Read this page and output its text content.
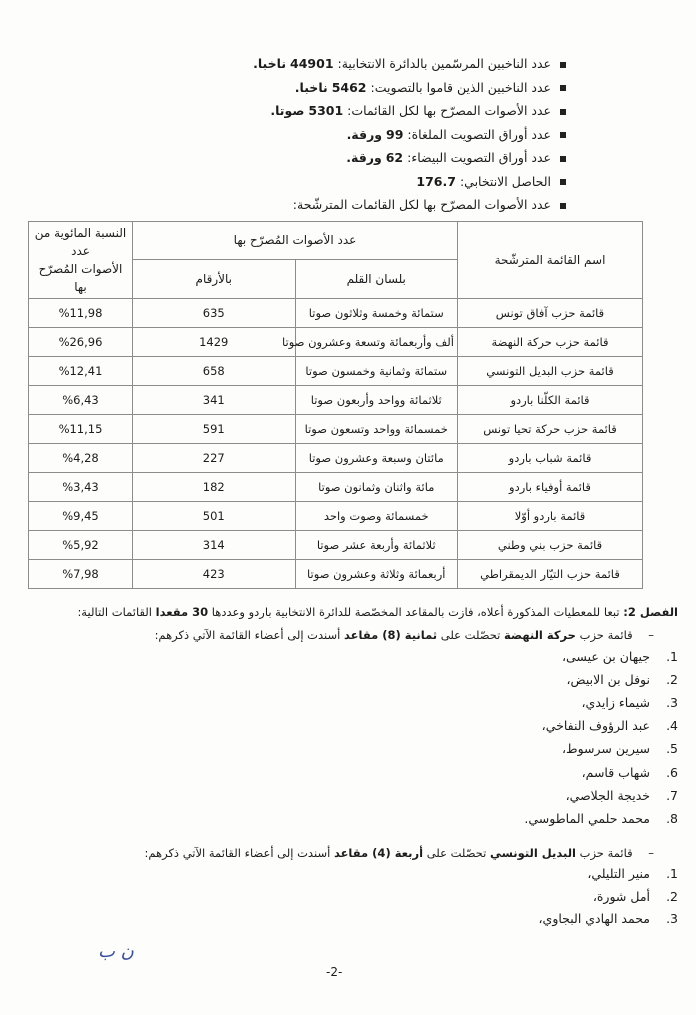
عدد الناخبين المرسّمين بالدائرة الانتخابية: 44901 ناخبا.
عدد الناخبين الذين قاموا بالتصويت: 5462 ناخبا.
عدد الأصوات المصرّح بها لكل القائمات: 5301 صوتا.
عدد أوراق التصويت الملغاة: 99 ورقة.
عدد أوراق التصويت البيضاء: 62 ورقة.
الحاصل الانتخابي: 176.7
عدد الأصوات المصرّح بها لكل القائمات المترشّحة:
اسم القائمة المترشّحة	عدد الأصوات المُصرّح بها		النسبة المائوية من عدد
الأصوات المُصرّح بها
	بلسان القلم	بالأرقام	
قائمة حزب آفاق تونس	ستمائة وخمسة وثلاثون صوتا	635	%11,98
قائمة حزب حركة النهضة	ألف وأربعمائة وتسعة وعشرون صوتا	1429	%26,96
قائمة حزب البديل التونسي	ستمائة وثمانية وخمسون صوتا	658	%12,41
قائمة الكلّنا باردو	ثلاثمائة وواحد وأربعون صوتا	341	%6,43
قائمة حزب حركة تحيا تونس	خمسمائة وواحد وتسعون صوتا	591	%11,15
قائمة شباب باردو	مائتان وسبعة وعشرون صوتا	227	%4,28
قائمة أوفياء باردو	مائة واثنان وثمانون صوتا	182	%3,43
قائمة باردو أوّلا	خمسمائة وصوت واحد	501	%9,45
قائمة حزب بني وطني	ثلاثمائة وأربعة عشر صوتا	314	%5,92
قائمة حزب التيّار الديمقراطي	أربعمائة وثلاثة وعشرون صوتا	423	%7,98
الفصل 2: تبعا للمعطيات المذكورة أعلاه، فازت بالمقاعد المخصّصة للدائرة الانتخابية باردو وعددها 30 مقعدا القائمات التالية:
– قائمة حزب حركة النهضة تحصّلت على ثمانية (8) مقاعد أسندت إلى أعضاء القائمة الآتي ذكرهم:
1.جيهان بن عيسى،
2.نوفل بن الابيض،
3.شيماء زايدي،
4.عبد الرؤوف النفاخي،
5.سيرين سرسوط،
6.شهاب قاسم،
7.خديجة الجلاصي،
8.محمد حلمي الماطوسي.
– قائمة حزب البديل التونسي تحصّلت على أربعة (4) مقاعد أسندت إلى أعضاء القائمة الآتي ذكرهم:
1.منير التليلي،
2.أمل شورة،
3.محمد الهادي البجاوي،
ن ب
-2-
